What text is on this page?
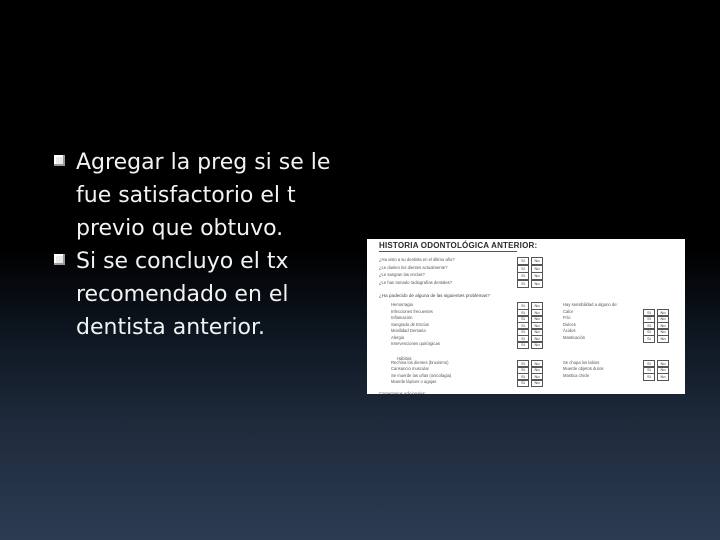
Agregar la preg si se le fue satisfactorio el t previo que obtuvo.
Si se concluyo el tx recomendado en el dentista anterior.
HISTORIA ODONTOLÓGICA ANTERIOR:
¿Ha visto a su dentista en el último año?	Sí	No
¿Le duelen los dientes actualmente?	Sí	No
¿Le sangran las encías?	Sí	No
¿Le han tomado radiografías dentales?	Sí	No
¿Ha padecido de alguna de las siguientes problemas?
Hemorragia	Sí	No
Infecciones frecuentes	Sí	No
Inflamación	Sí	No
Sangrado de Encías	Sí	No
Movilidad Dentaria	Sí	No
Alergia	Sí	No
Intervenciones quirúrgicas	Sí	No
Hay sensibilidad a alguno de:
Calor	Sí	No
Frío	Sí	No
Dulces	Sí	No
Ácidos	Sí	No
Masticación	Sí	No
Hábitos:
Rechina los dientes (bruxismo)	Sí	No
Cansancio muscular	Sí	No
Se muerde las uñas (onicofagia)	Sí	No
Muerde lápices o agujas	Sí	No
Se chupa los labios	Sí	No
Muerde objetos duros	Sí	No
Mastica chicle	Sí	No
Comentarios adicionales:
